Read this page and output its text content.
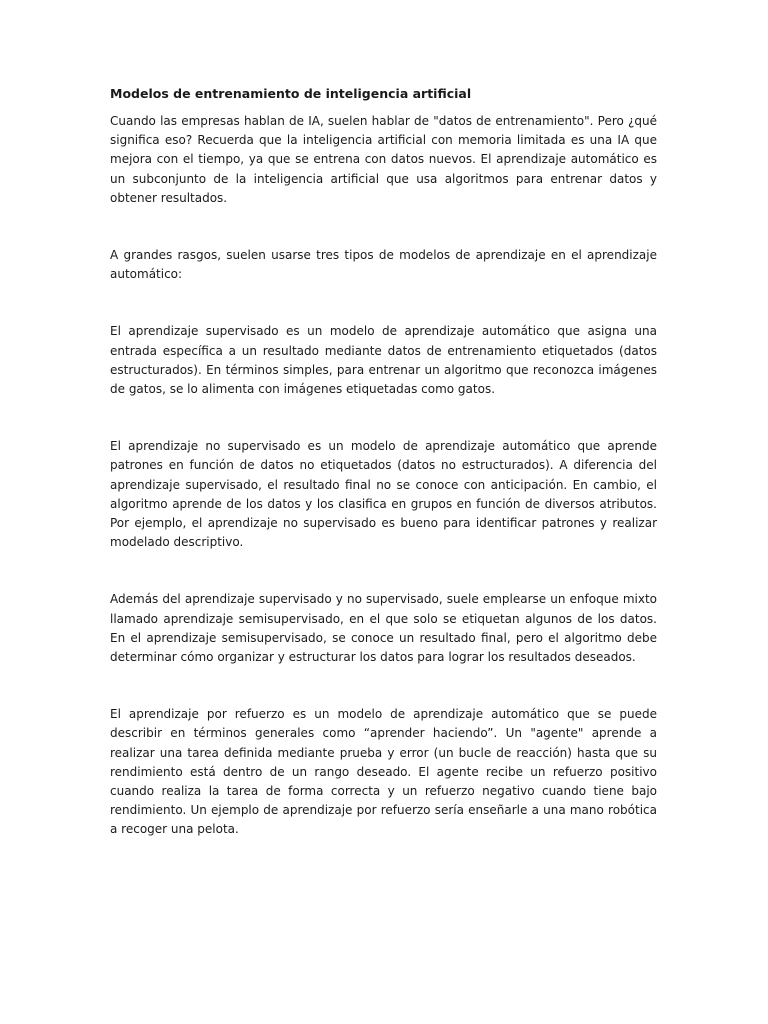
Modelos de entrenamiento de inteligencia artificial

Cuando las empresas hablan de IA, suelen hablar de "datos de entrenamiento". Pero ¿qué significa eso? Recuerda que la inteligencia artificial con memoria limitada es una IA que mejora con el tiempo, ya que se entrena con datos nuevos. El aprendizaje automático es un subconjunto de la inteligencia artificial que usa algoritmos para entrenar datos y obtener resultados.

A grandes rasgos, suelen usarse tres tipos de modelos de aprendizaje en el aprendizaje automático:

El aprendizaje supervisado es un modelo de aprendizaje automático que asigna una entrada específica a un resultado mediante datos de entrenamiento etiquetados (datos estructurados). En términos simples, para entrenar un algoritmo que reconozca imágenes de gatos, se lo alimenta con imágenes etiquetadas como gatos.

El aprendizaje no supervisado es un modelo de aprendizaje automático que aprende patrones en función de datos no etiquetados (datos no estructurados). A diferencia del aprendizaje supervisado, el resultado final no se conoce con anticipación. En cambio, el algoritmo aprende de los datos y los clasifica en grupos en función de diversos atributos. Por ejemplo, el aprendizaje no supervisado es bueno para identificar patrones y realizar modelado descriptivo.

Además del aprendizaje supervisado y no supervisado, suele emplearse un enfoque mixto llamado aprendizaje semisupervisado, en el que solo se etiquetan algunos de los datos. En el aprendizaje semisupervisado, se conoce un resultado final, pero el algoritmo debe determinar cómo organizar y estructurar los datos para lograr los resultados deseados.

El aprendizaje por refuerzo es un modelo de aprendizaje automático que se puede describir en términos generales como “aprender haciendo”. Un "agente" aprende a realizar una tarea definida mediante prueba y error (un bucle de reacción) hasta que su rendimiento está dentro de un rango deseado. El agente recibe un refuerzo positivo cuando realiza la tarea de forma correcta y un refuerzo negativo cuando tiene bajo rendimiento. Un ejemplo de aprendizaje por refuerzo sería enseñarle a una mano robótica a recoger una pelota.
